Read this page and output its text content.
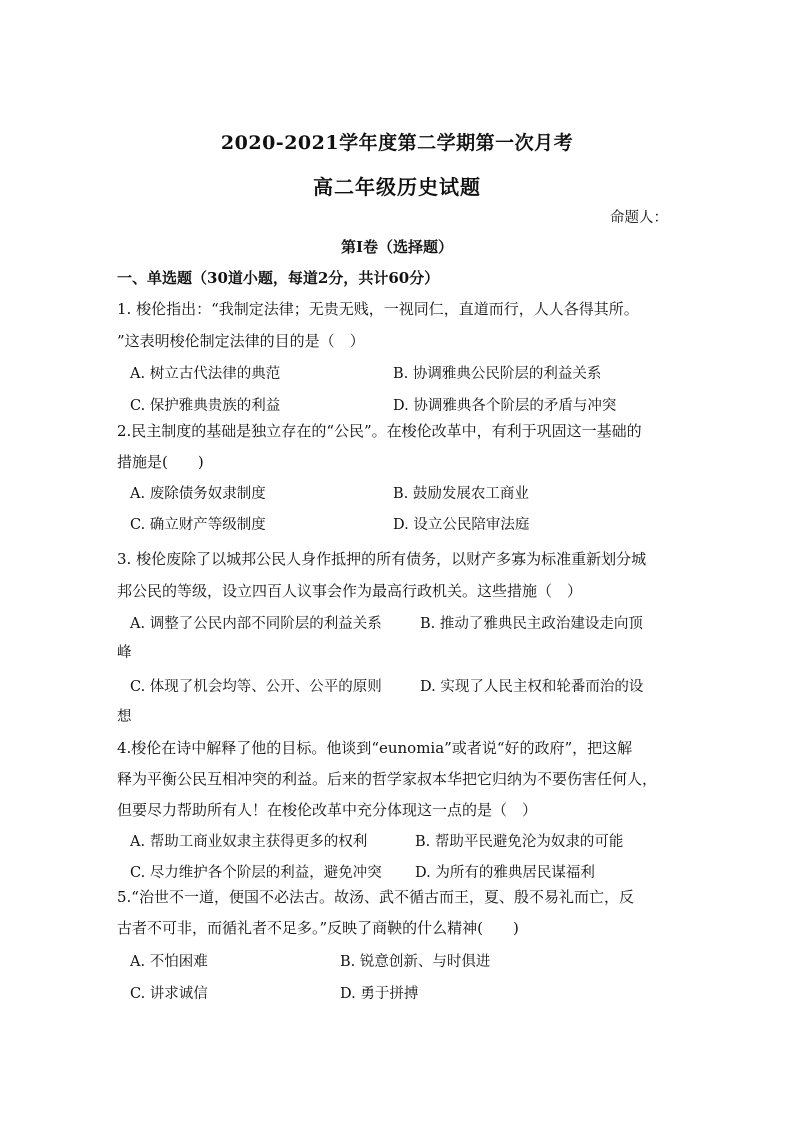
2020-2021学年度第二学期第一次月考
高二年级历史试题
命题人：
第I卷（选择题）
一、单选题（30道小题，每道2分，共计60分）
1. 梭伦指出：“我制定法律；无贵无贱，一视同仁，直道而行，人人各得其所。
”这表明梭伦制定法律的目的是（　）
A. 树立古代法律的典范	B. 协调雅典公民阶层的利益关系
C. 保护雅典贵族的利益	D. 协调雅典各个阶层的矛盾与冲突
2.民主制度的基础是独立存在的“公民”。在梭伦改革中，有利于巩固这一基础的
措施是(　　)
A. 废除债务奴隶制度	B. 鼓励发展农工商业
C. 确立财产等级制度	D. 设立公民陪审法庭
3. 梭伦废除了以城邦公民人身作抵押的所有债务，以财产多寡为标准重新划分城
邦公民的等级，设立四百人议事会作为最高行政机关。这些措施（　）
A. 调整了公民内部不同阶层的利益关系	B. 推动了雅典民主政治建设走向顶
峰
C. 体现了机会均等、公开、公平的原则	D. 实现了人民主权和轮番而治的设
想
4.梭伦在诗中解释了他的目标。他谈到“eunomia”或者说“好的政府”，把这解
释为平衡公民互相冲突的利益。后来的哲学家叔本华把它归纳为不要伤害任何人，
但要尽力帮助所有人！在梭伦改革中充分体现这一点的是（　）
A. 帮助工商业奴隶主获得更多的权利	B. 帮助平民避免沦为奴隶的可能
C. 尽力维护各个阶层的利益，避免冲突 D. 为所有的雅典居民谋福利
5.“治世不一道，便国不必法古。故汤、武不循古而王，夏、殷不易礼而亡，反
古者不可非，而循礼者不足多。”反映了商鞅的什么精神(　　)
A. 不怕困难	B. 锐意创新、与时俱进
C. 讲求诚信	D. 勇于拼搏
